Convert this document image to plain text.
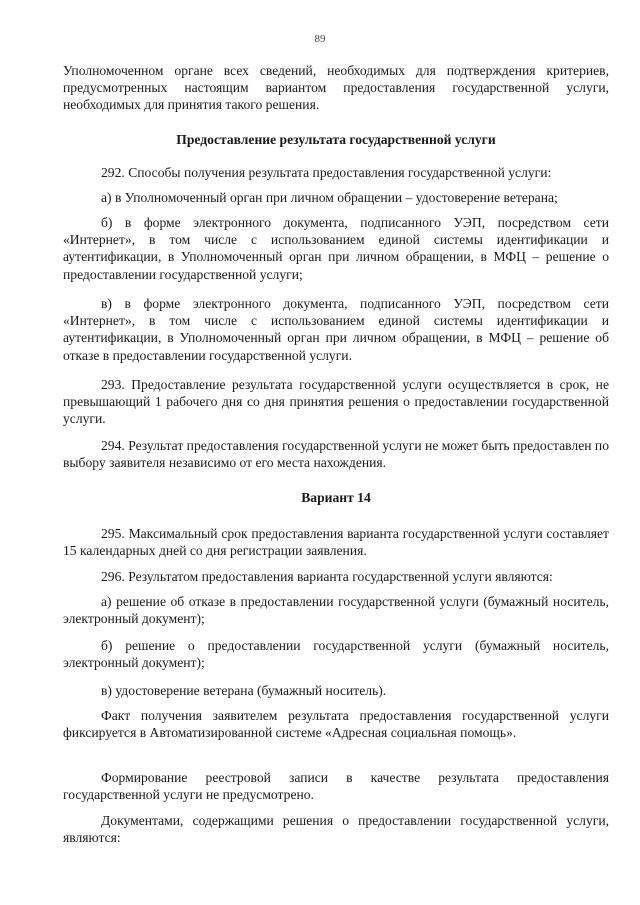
89

Уполномоченном органе всех сведений, необходимых для подтверждения критериев, предусмотренных настоящим вариантом предоставления государственной услуги, необходимых для принятия такого решения.

Предоставление результата государственной услуги

292. Способы получения результата предоставления государственной услуги:

а) в Уполномоченный орган при личном обращении – удостоверение ветерана;

б) в форме электронного документа, подписанного УЭП, посредством сети «Интернет», в том числе с использованием единой системы идентификации и аутентификации, в Уполномоченный орган при личном обращении, в МФЦ – решение о предоставлении государственной услуги;

в) в форме электронного документа, подписанного УЭП, посредством сети «Интернет», в том числе с использованием единой системы идентификации и аутентификации, в Уполномоченный орган при личном обращении, в МФЦ – решение об отказе в предоставлении государственной услуги.

293. Предоставление результата государственной услуги осуществляется в срок, не превышающий 1 рабочего дня со дня принятия решения о предоставлении государственной услуги.

294. Результат предоставления государственной услуги не может быть предоставлен по выбору заявителя независимо от его места нахождения.

Вариант 14

295. Максимальный срок предоставления варианта государственной услуги составляет 15 календарных дней со дня регистрации заявления.

296. Результатом предоставления варианта государственной услуги являются:

а) решение об отказе в предоставлении государственной услуги (бумажный носитель, электронный документ);

б) решение о предоставлении государственной услуги (бумажный носитель, электронный документ);

в) удостоверение ветерана (бумажный носитель).

Факт получения заявителем результата предоставления государственной услуги фиксируется в Автоматизированной системе «Адресная социальная помощь».

Формирование реестровой записи в качестве результата предоставления государственной услуги не предусмотрено.

Документами, содержащими решения о предоставлении государственной услуги, являются:
